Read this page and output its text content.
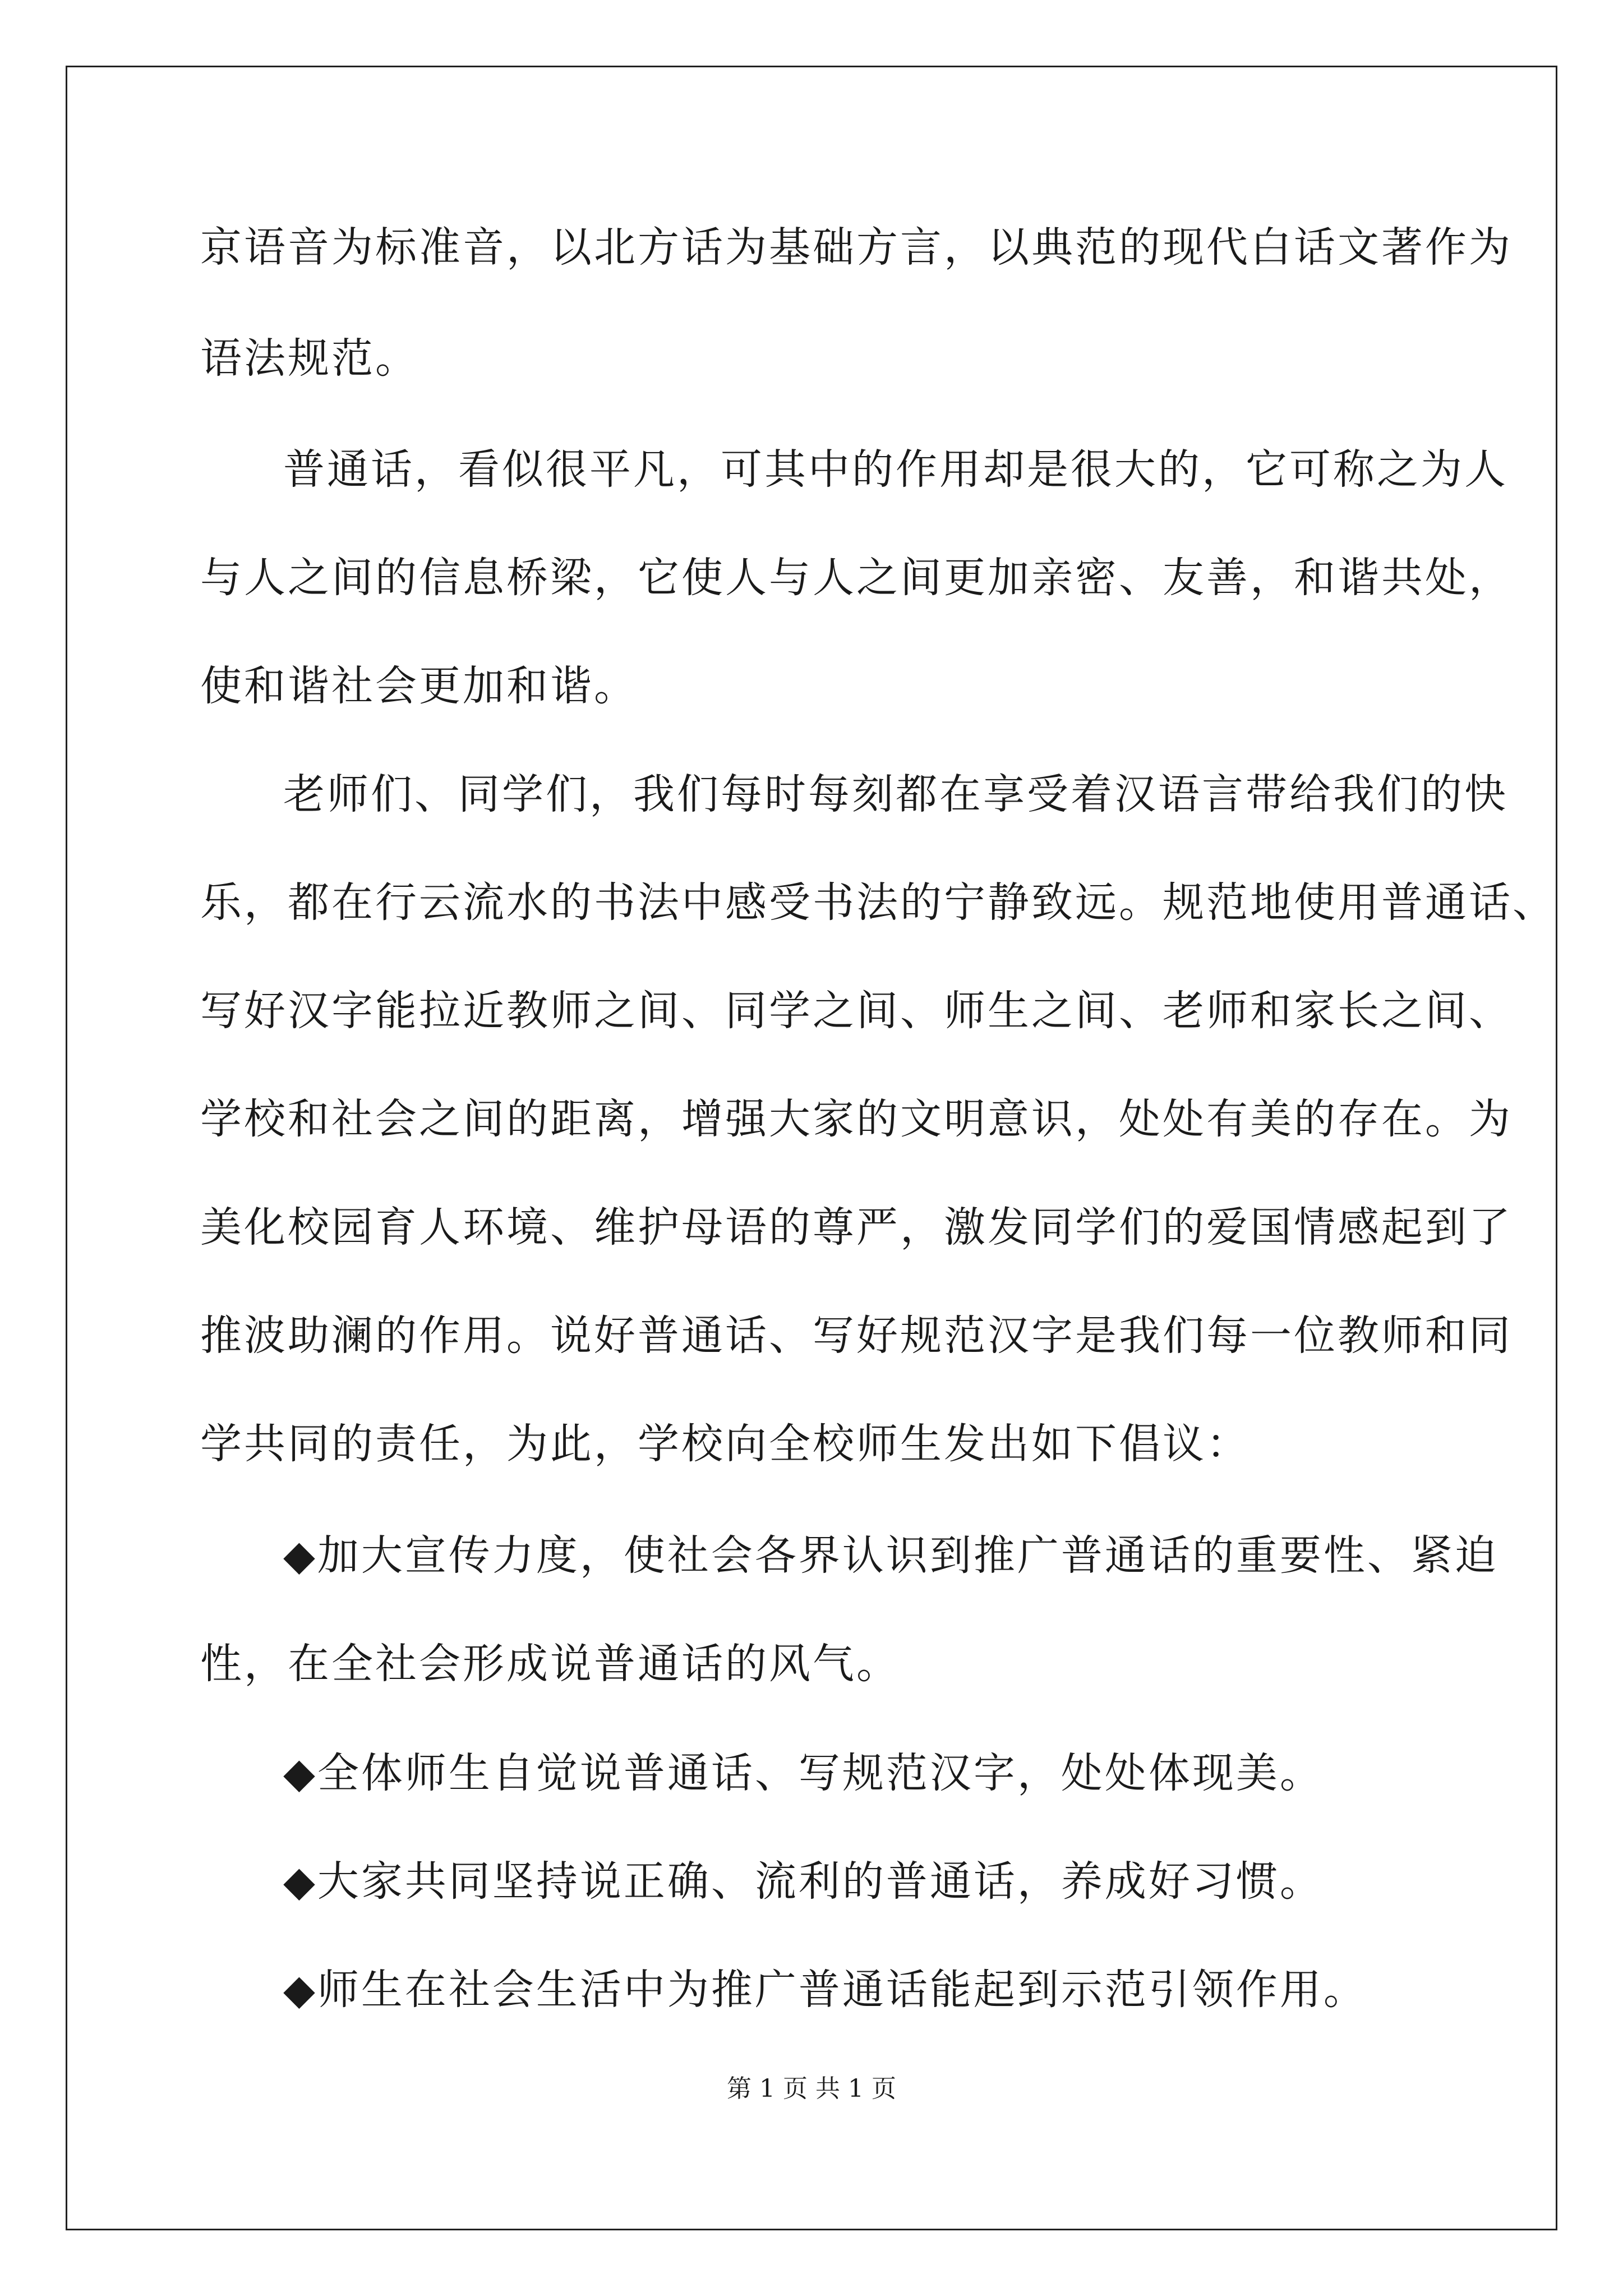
京语音为标准音，以北方话为基础方言，以典范的现代白话文著作为
语法规范。
普通话，看似很平凡，可其中的作用却是很大的，它可称之为人
与人之间的信息桥梁，它使人与人之间更加亲密、友善，和谐共处，
使和谐社会更加和谐。
老师们、同学们，我们每时每刻都在享受着汉语言带给我们的快
乐，都在行云流水的书法中感受书法的宁静致远。规范地使用普通话、
写好汉字能拉近教师之间、同学之间、师生之间、老师和家长之间、
学校和社会之间的距离，增强大家的文明意识，处处有美的存在。为
美化校园育人环境、维护母语的尊严，激发同学们的爱国情感起到了
推波助澜的作用。说好普通话、写好规范汉字是我们每一位教师和同
学共同的责任，为此，学校向全校师生发出如下倡议：
◆加大宣传力度，使社会各界认识到推广普通话的重要性、紧迫
性，在全社会形成说普通话的风气。
◆全体师生自觉说普通话、写规范汉字，处处体现美。
◆大家共同坚持说正确、流利的普通话，养成好习惯。
◆师生在社会生活中为推广普通话能起到示范引领作用。
第 1 页 共 1 页
